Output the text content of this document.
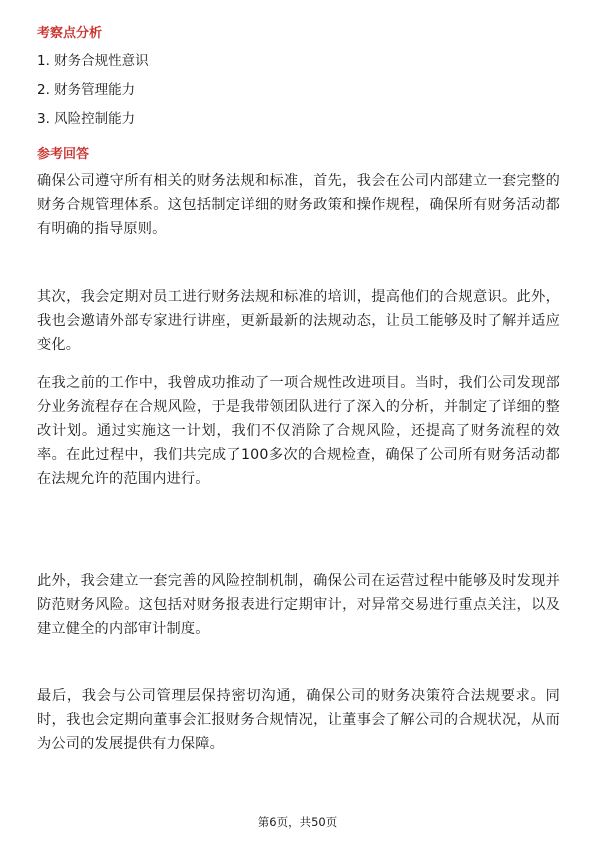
考察点分析

1. 财务合规性意识

2. 财务管理能力

3. 风险控制能力

参考回答

确保公司遵守所有相关的财务法规和标准，首先，我会在公司内部建立一套完整的财务合规管理体系。这包括制定详细的财务政策和操作规程，确保所有财务活动都有明确的指导原则。

其次，我会定期对员工进行财务法规和标准的培训，提高他们的合规意识。此外，我也会邀请外部专家进行讲座，更新最新的法规动态，让员工能够及时了解并适应变化。

在我之前的工作中，我曾成功推动了一项合规性改进项目。当时，我们公司发现部分业务流程存在合规风险，于是我带领团队进行了深入的分析，并制定了详细的整改计划。通过实施这一计划，我们不仅消除了合规风险，还提高了财务流程的效率。在此过程中，我们共完成了100多次的合规检查，确保了公司所有财务活动都在法规允许的范围内进行。

此外，我会建立一套完善的风险控制机制，确保公司在运营过程中能够及时发现并防范财务风险。这包括对财务报表进行定期审计，对异常交易进行重点关注，以及建立健全的内部审计制度。

最后，我会与公司管理层保持密切沟通，确保公司的财务决策符合法规要求。同时，我也会定期向董事会汇报财务合规情况，让董事会了解公司的合规状况，从而为公司的发展提供有力保障。

第6页，共50页
